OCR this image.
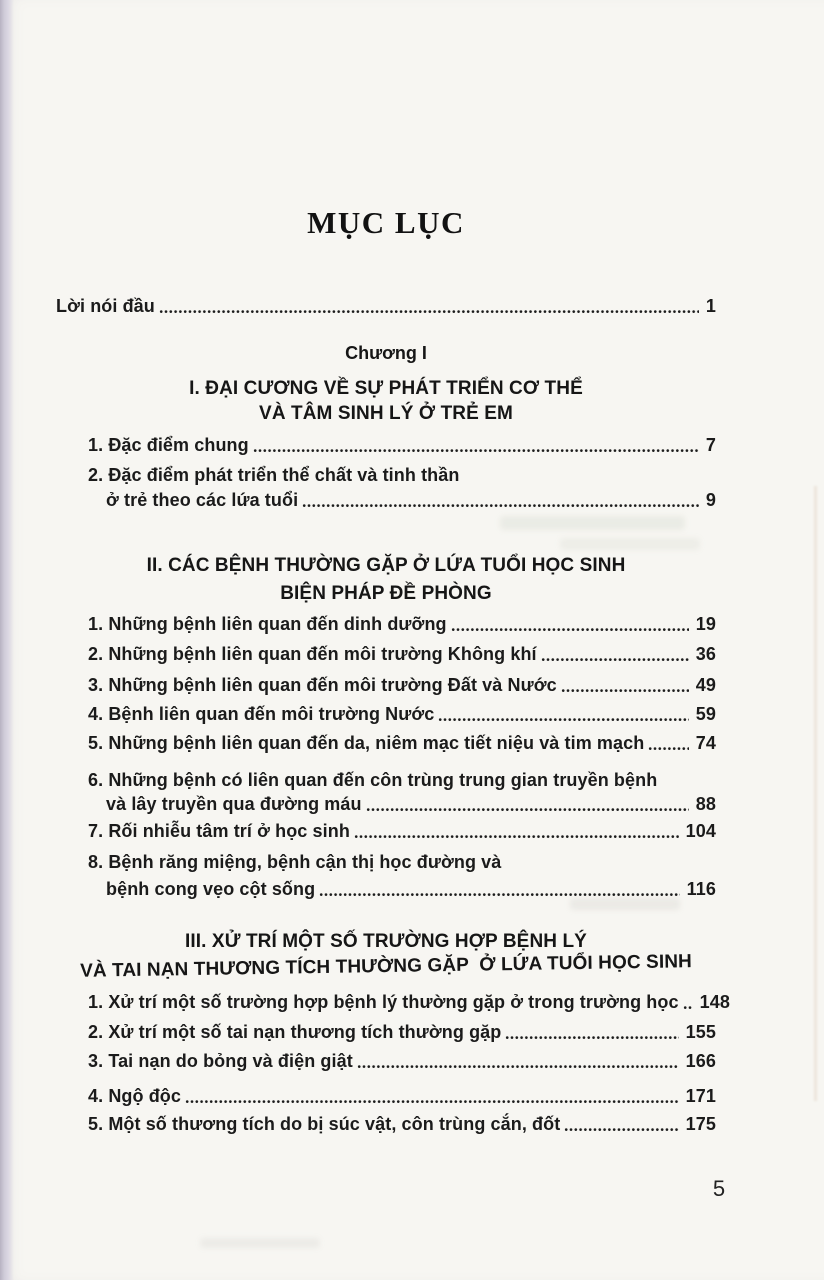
MỤC LỤC
Lời nói đầu	1
Chương I
I. ĐẠI CƯƠNG VỀ SỰ PHÁT TRIỂN CƠ THỂ
VÀ TÂM SINH LÝ Ở TRẺ EM
1. Đặc điểm chung	7
2. Đặc điểm phát triển thể chất và tinh thần
ở trẻ theo các lứa tuổi	9
II. CÁC BỆNH THƯỜNG GẶP Ở LỨA TUỔI HỌC SINH
BIỆN PHÁP ĐỀ PHÒNG
1. Những bệnh liên quan đến dinh dưỡng	19
2. Những bệnh liên quan đến môi trường Không khí	36
3. Những bệnh liên quan đến môi trường Đất và Nước	49
4. Bệnh liên quan đến môi trường Nước	59
5. Những bệnh liên quan đến da, niêm mạc tiết niệu và tim mạch	74
6. Những bệnh có liên quan đến côn trùng trung gian truyền bệnh
và lây truyền qua đường máu	88
7. Rối nhiễu tâm trí ở học sinh	104
8. Bệnh răng miệng, bệnh cận thị học đường và
bệnh cong vẹo cột sống	116
III. XỬ TRÍ MỘT SỐ TRƯỜNG HỢP BỆNH LÝ
VÀ TAI NẠN THƯƠNG TÍCH THƯỜNG GẶP  Ở LỨA TUỔI HỌC SINH
1. Xử trí một số trường hợp bệnh lý thường gặp ở trong trường học 148
2. Xử trí một số tai nạn thương tích thường gặp	155
3. Tai nạn do bỏng và điện giật	166
4. Ngộ độc	171
5. Một số thương tích do bị súc vật, côn trùng cắn, đốt	175
5
